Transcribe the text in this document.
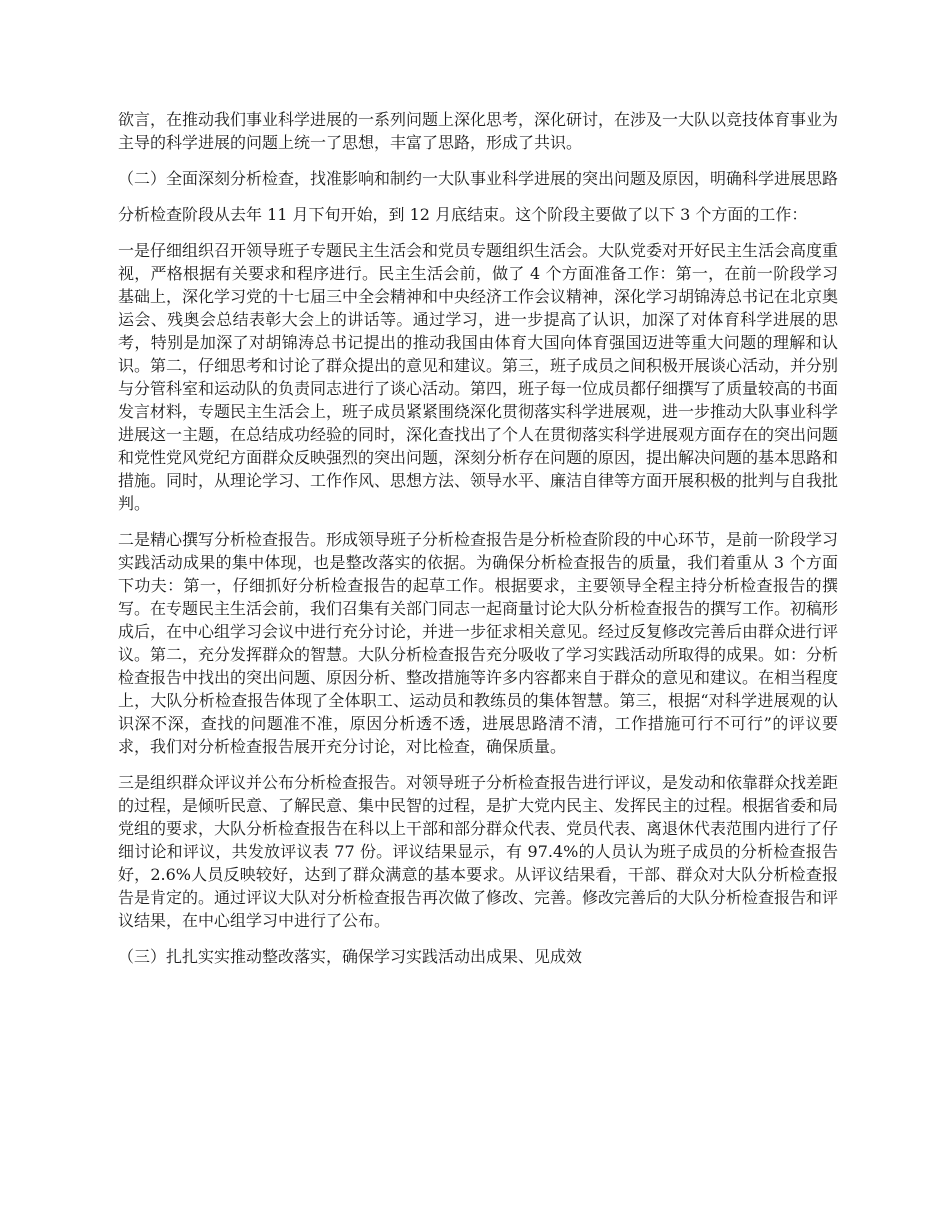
欲言，在推动我们事业科学进展的一系列问题上深化思考，深化研讨，在涉及一大队以竞技体育事业为主导的科学进展的问题上统一了思想，丰富了思路，形成了共识。

（二）全面深刻分析检查，找准影响和制约一大队事业科学进展的突出问题及原因，明确科学进展思路

分析检查阶段从去年 11 月下旬开始，到 12 月底结束。这个阶段主要做了以下 3 个方面的工作：

一是仔细组织召开领导班子专题民主生活会和党员专题组织生活会。大队党委对开好民主生活会高度重视，严格根据有关要求和程序进行。民主生活会前，做了 4 个方面准备工作：第一，在前一阶段学习基础上，深化学习党的十七届三中全会精神和中央经济工作会议精神，深化学习胡锦涛总书记在北京奥运会、残奥会总结表彰大会上的讲话等。通过学习，进一步提高了认识，加深了对体育科学进展的思考，特别是加深了对胡锦涛总书记提出的推动我国由体育大国向体育强国迈进等重大问题的理解和认识。第二，仔细思考和讨论了群众提出的意见和建议。第三，班子成员之间积极开展谈心活动，并分别与分管科室和运动队的负责同志进行了谈心活动。第四，班子每一位成员都仔细撰写了质量较高的书面发言材料，专题民主生活会上，班子成员紧紧围绕深化贯彻落实科学进展观，进一步推动大队事业科学进展这一主题，在总结成功经验的同时，深化查找出了个人在贯彻落实科学进展观方面存在的突出问题和党性党风党纪方面群众反映强烈的突出问题，深刻分析存在问题的原因，提出解决问题的基本思路和措施。同时，从理论学习、工作作风、思想方法、领导水平、廉洁自律等方面开展积极的批判与自我批判。

二是精心撰写分析检查报告。形成领导班子分析检查报告是分析检查阶段的中心环节，是前一阶段学习实践活动成果的集中体现，也是整改落实的依据。为确保分析检查报告的质量，我们着重从 3 个方面下功夫：第一，仔细抓好分析检查报告的起草工作。根据要求，主要领导全程主持分析检查报告的撰写。在专题民主生活会前，我们召集有关部门同志一起商量讨论大队分析检查报告的撰写工作。初稿形成后，在中心组学习会议中进行充分讨论，并进一步征求相关意见。经过反复修改完善后由群众进行评议。第二，充分发挥群众的智慧。大队分析检查报告充分吸收了学习实践活动所取得的成果。如：分析检查报告中找出的突出问题、原因分析、整改措施等许多内容都来自于群众的意见和建议。在相当程度上，大队分析检查报告体现了全体职工、运动员和教练员的集体智慧。第三，根据“对科学进展观的认识深不深，查找的问题准不准，原因分析透不透，进展思路清不清，工作措施可行不可行”的评议要求，我们对分析检查报告展开充分讨论，对比检查，确保质量。

三是组织群众评议并公布分析检查报告。对领导班子分析检查报告进行评议，是发动和依靠群众找差距的过程，是倾听民意、了解民意、集中民智的过程，是扩大党内民主、发挥民主的过程。根据省委和局党组的要求，大队分析检查报告在科以上干部和部分群众代表、党员代表、离退休代表范围内进行了仔细讨论和评议，共发放评议表 77 份。评议结果显示，有 97.4%的人员认为班子成员的分析检查报告好，2.6%人员反映较好，达到了群众满意的基本要求。从评议结果看，干部、群众对大队分析检查报告是肯定的。通过评议大队对分析检查报告再次做了修改、完善。修改完善后的大队分析检查报告和评议结果，在中心组学习中进行了公布。

（三）扎扎实实推动整改落实，确保学习实践活动出成果、见成效
